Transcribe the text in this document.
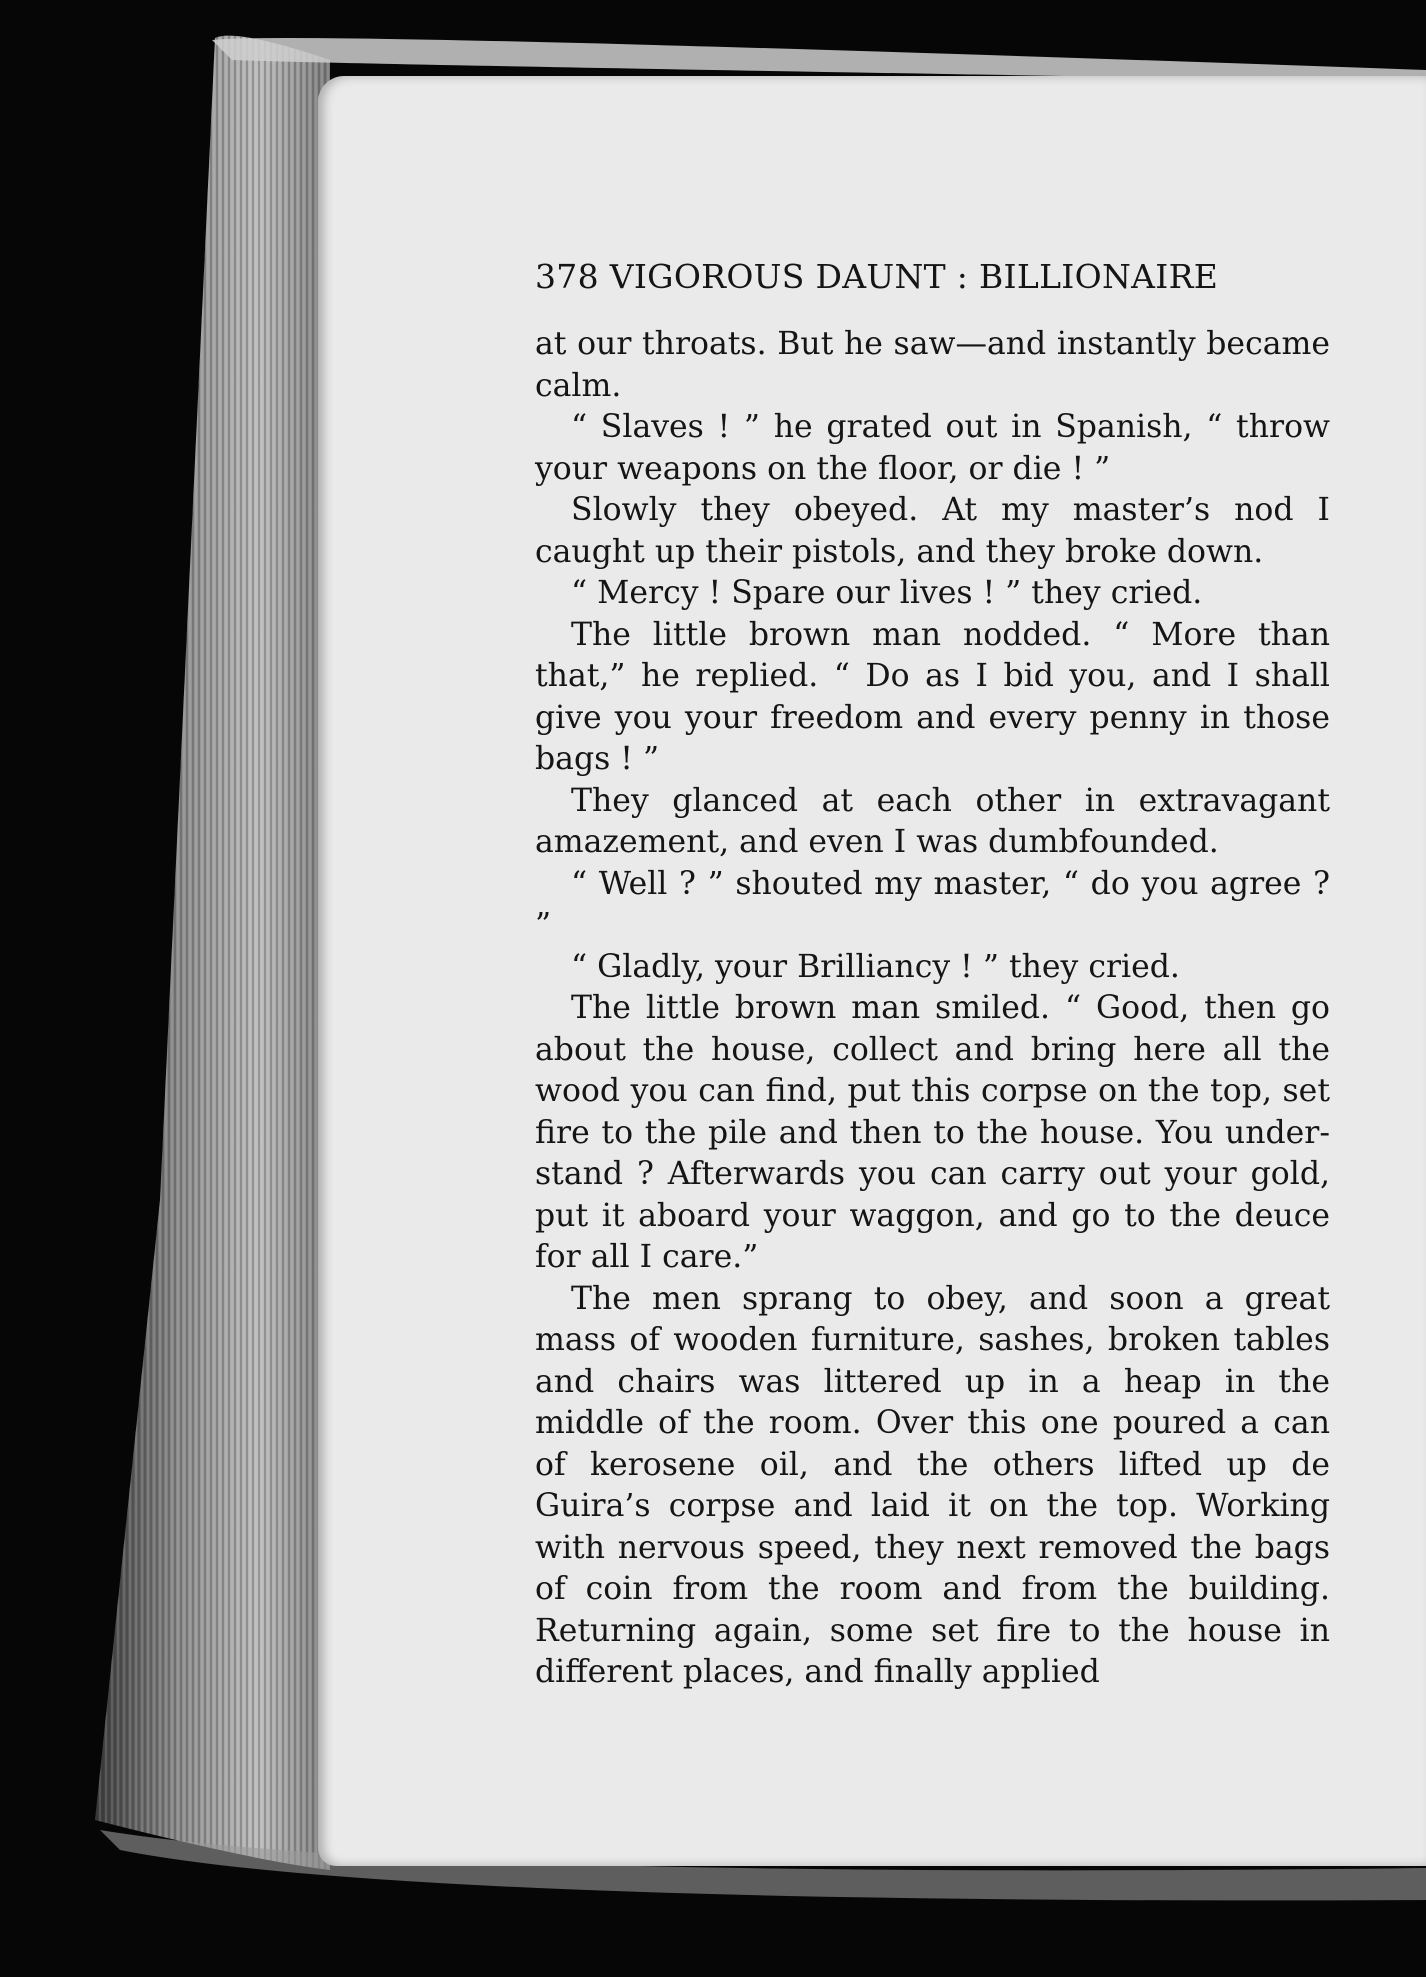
378 VIGOROUS DAUNT : BILLIONAIRE

at our throats. But he saw—and instantly became calm.

“ Slaves ! ” he grated out in Spanish, “ throw your weapons on the floor, or die ! ”

Slowly they obeyed. At my master’s nod I caught up their pistols, and they broke down.

“ Mercy ! Spare our lives ! ” they cried.

The little brown man nodded. “ More than that,” he replied. “ Do as I bid you, and I shall give you your freedom and every penny in those bags ! ”

They glanced at each other in extravagant amazement, and even I was dumbfounded.

“ Well ? ” shouted my master, “ do you agree ? ”

“ Gladly, your Brilliancy ! ” they cried.

The little brown man smiled. “ Good, then go about the house, collect and bring here all the wood you can find, put this corpse on the top, set fire to the pile and then to the house. You under-stand ? Afterwards you can carry out your gold, put it aboard your waggon, and go to the deuce for all I care.”

The men sprang to obey, and soon a great mass of wooden furniture, sashes, broken tables and chairs was littered up in a heap in the middle of the room. Over this one poured a can of kerosene oil, and the others lifted up de Guira’s corpse and laid it on the top. Working with nervous speed, they next removed the bags of coin from the room and from the building. Returning again, some set fire to the house in different places, and finally applied
